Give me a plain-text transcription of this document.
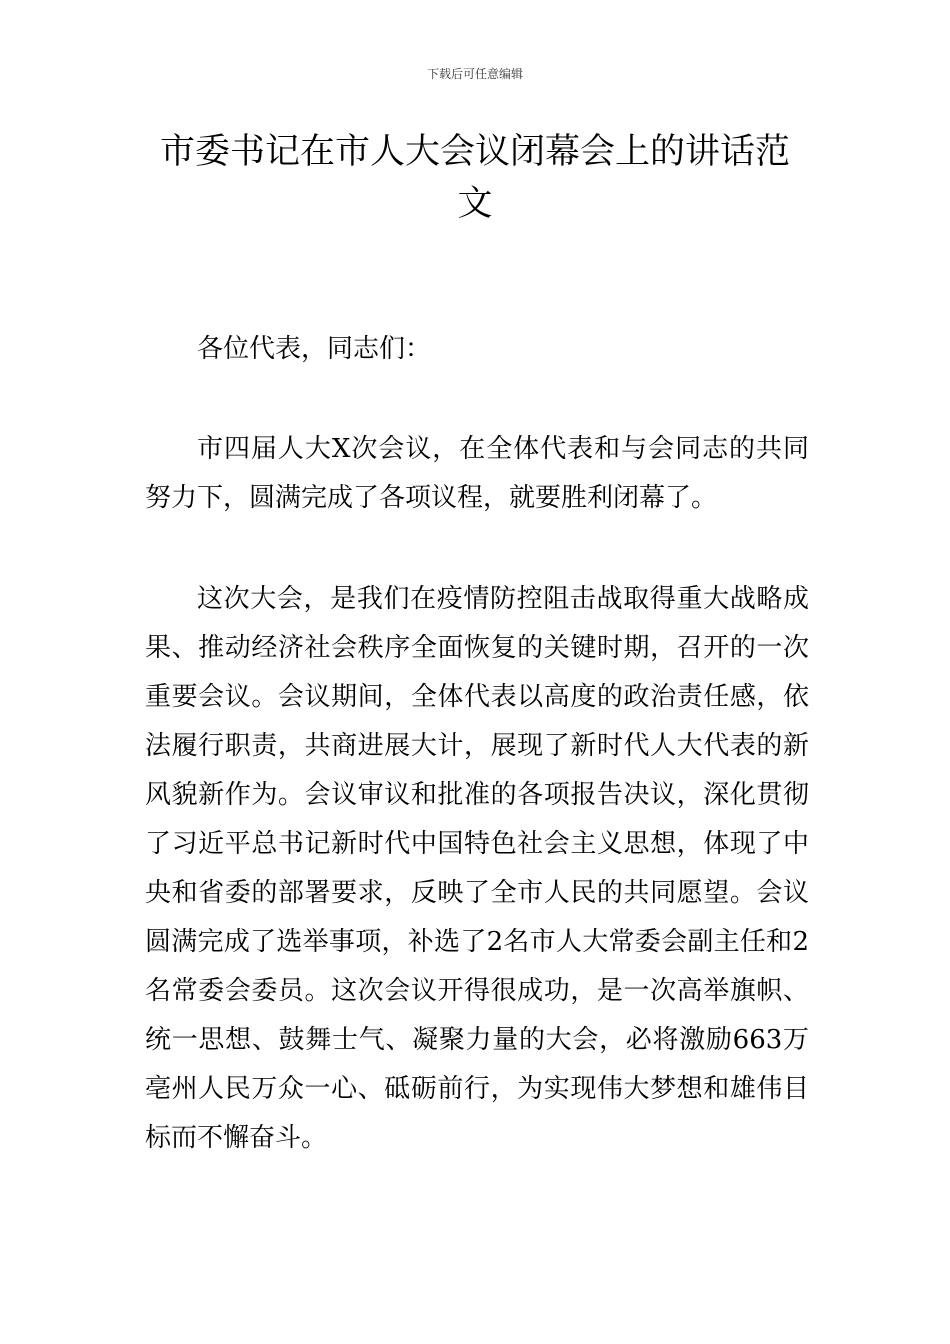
下载后可任意编辑
市委书记在市人大会议闭幕会上的讲话范文

各位代表，同志们：

市四届人大X次会议，在全体代表和与会同志的共同努力下，圆满完成了各项议程，就要胜利闭幕了。

这次大会，是我们在疫情防控阻击战取得重大战略成果、推动经济社会秩序全面恢复的关键时期，召开的一次重要会议。会议期间，全体代表以高度的政治责任感，依法履行职责，共商进展大计，展现了新时代人大代表的新风貌新作为。会议审议和批准的各项报告决议，深化贯彻了习近平总书记新时代中国特色社会主义思想，体现了中央和省委的部署要求，反映了全市人民的共同愿望。会议圆满完成了选举事项，补选了2名市人大常委会副主任和2名常委会委员。这次会议开得很成功，是一次高举旗帜、统一思想、鼓舞士气、凝聚力量的大会，必将激励663万亳州人民万众一心、砥砺前行，为实现伟大梦想和雄伟目标而不懈奋斗。
